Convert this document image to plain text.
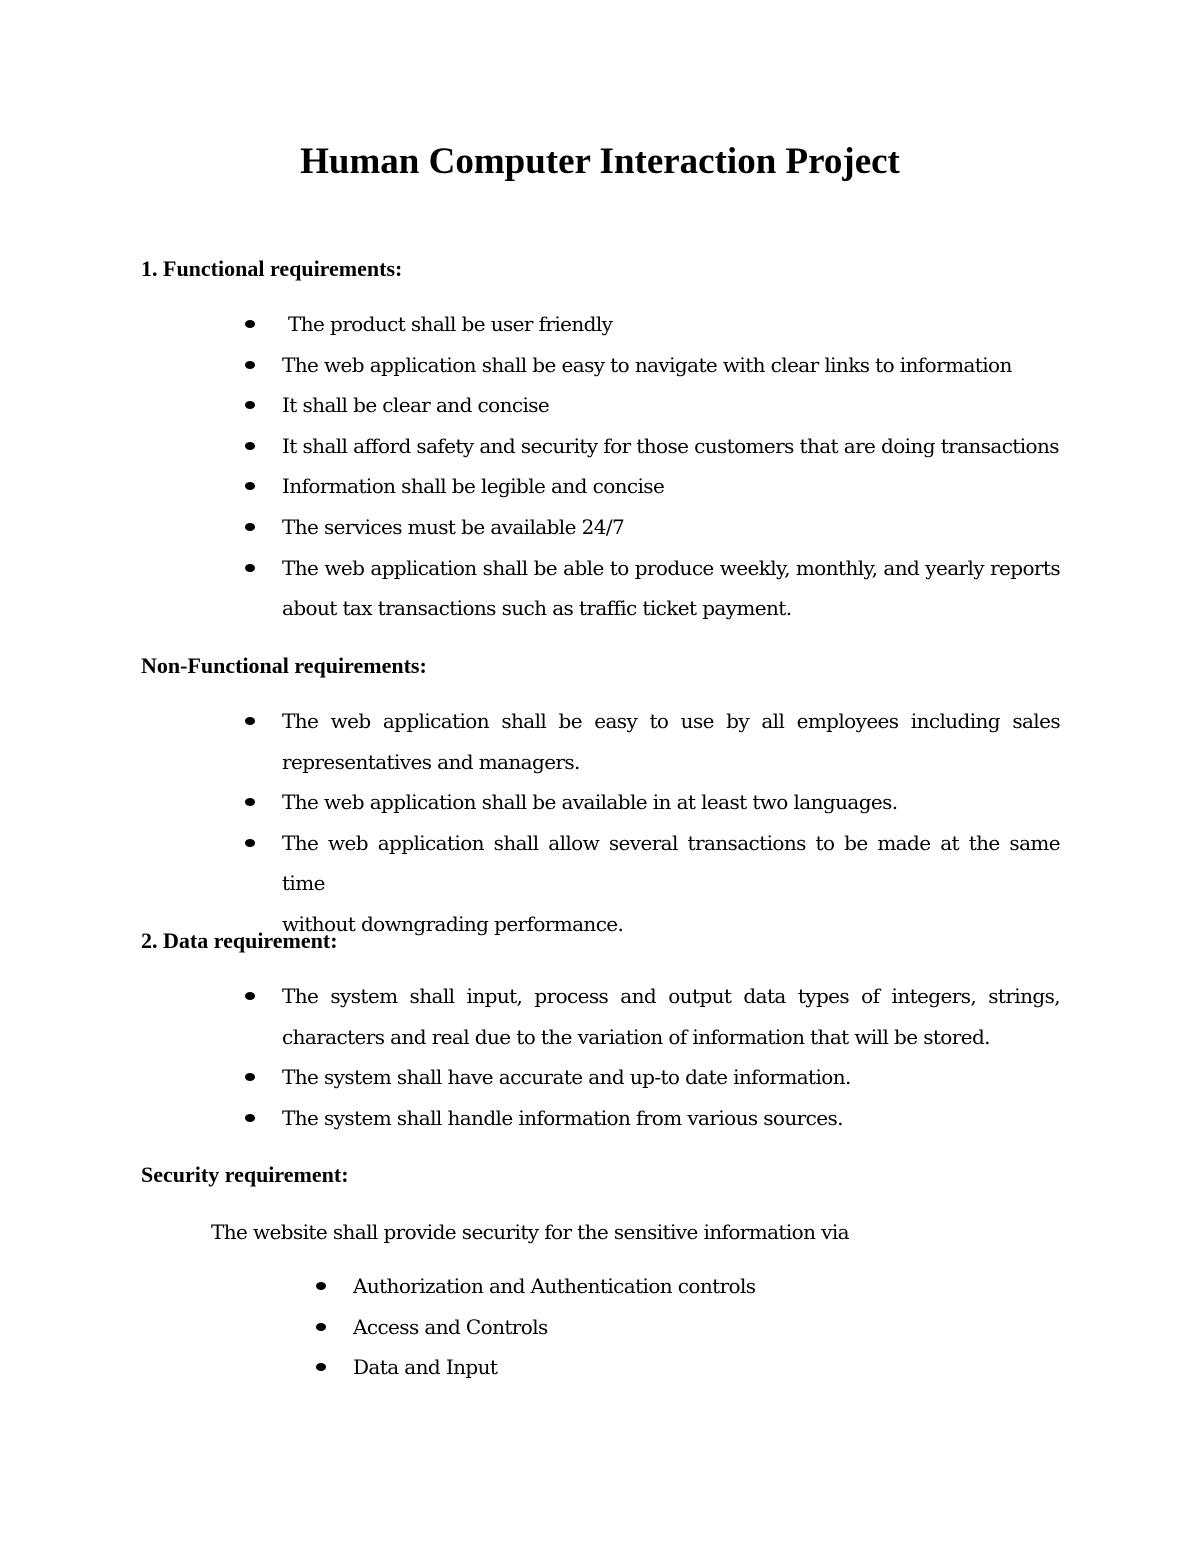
Human Computer Interaction Project
1. Functional requirements:
The product shall be user friendly
The web application shall be easy to navigate with clear links to information
It shall be clear and concise
It shall afford safety and security for those customers that are doing transactions
Information shall be legible and concise
The services must be available 24/7
The web application shall be able to produce weekly, monthly, and yearly reports
about tax transactions such as traffic ticket payment.
Non-Functional requirements:
The web application shall be easy to use by all employees including sales
representatives and managers.
The web application shall be available in at least two languages.
The web application shall allow several transactions to be made at the same time
without downgrading performance.
2. Data requirement:
The system shall input, process and output data types of integers, strings,
characters and real due to the variation of information that will be stored.
The system shall have accurate and up-to date information.
The system shall handle information from various sources.
Security requirement:

The website shall provide security for the sensitive information via

Authorization and Authentication controls
Access and Controls
Data and Input
